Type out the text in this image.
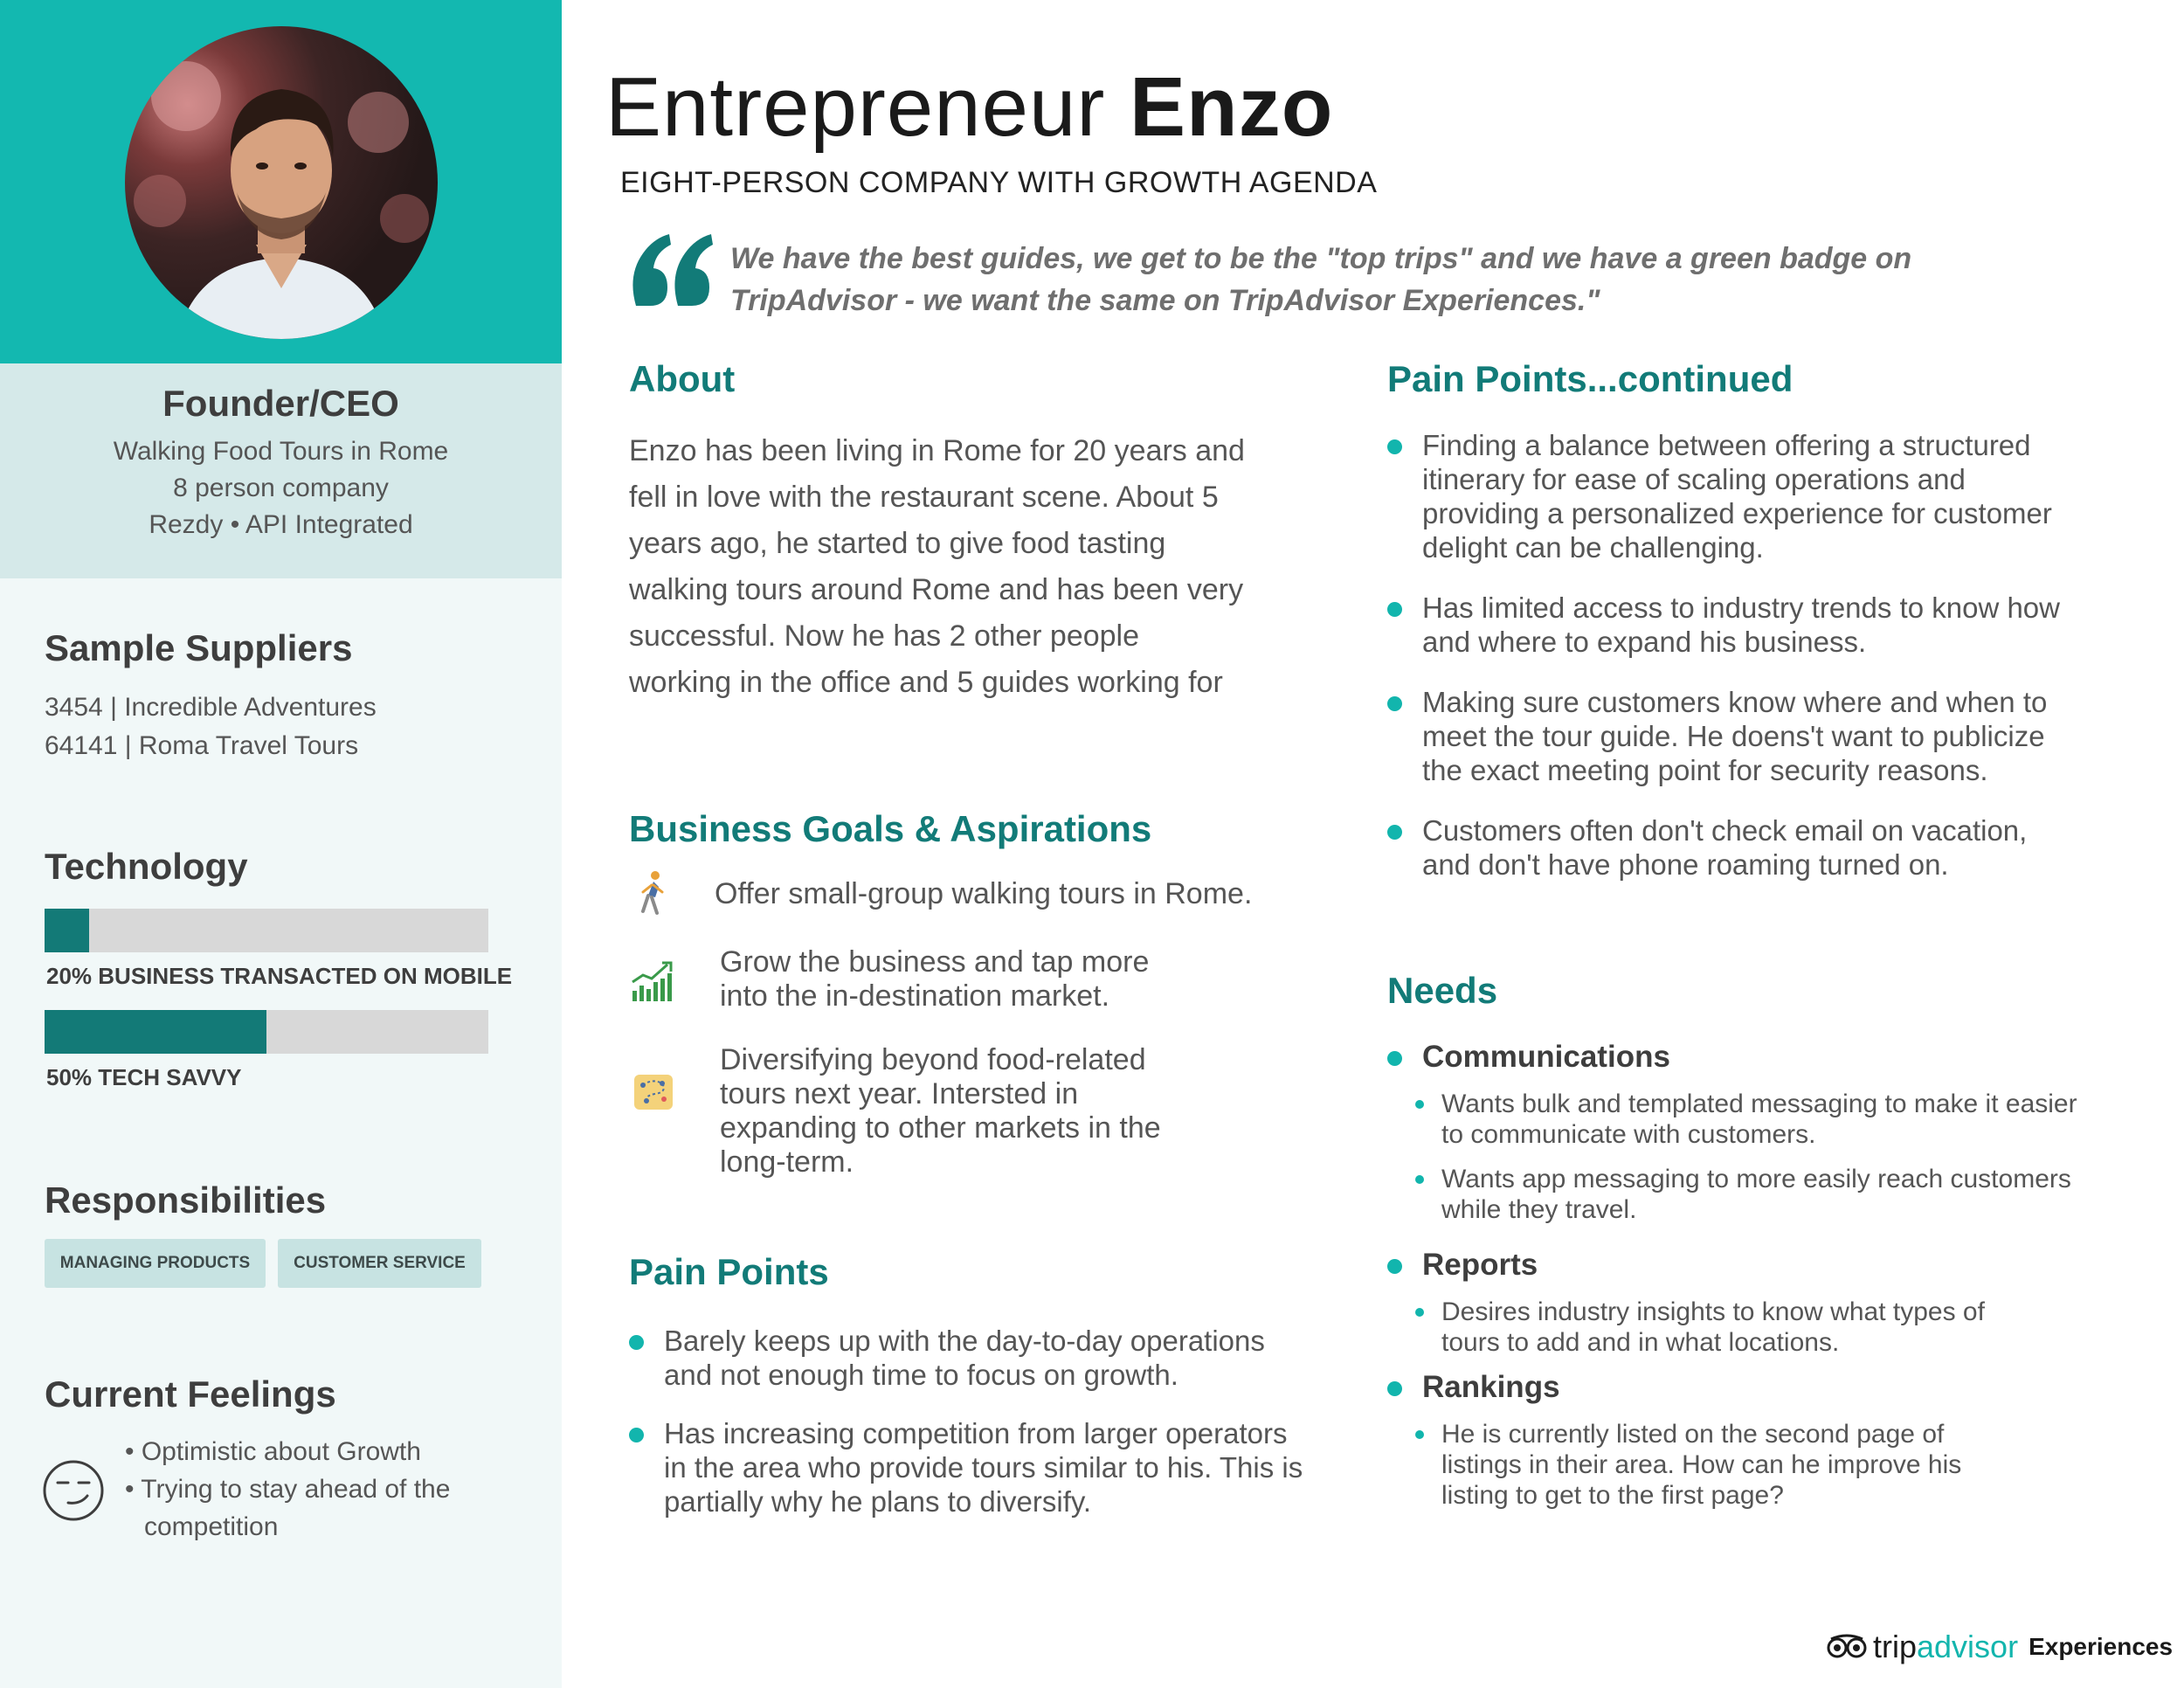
Founder/CEO
Walking Food Tours in Rome
8 person company
Rezdy • API Integrated
Sample Suppliers
3454 | Incredible Adventures
64141 | Roma Travel Tours
Technology
20% BUSINESS TRANSACTED ON MOBILE
50% TECH SAVVY
Responsibilities
MANAGING PRODUCTS	CUSTOMER SERVICE
Current Feelings
• Optimistic about Growth
• Trying to stay ahead of the
competition
Entrepreneur Enzo
EIGHT-PERSON COMPANY WITH GROWTH AGENDA
We have the best guides, we get to be the "top trips" and we have a green badge on
TripAdvisor - we want the same on TripAdvisor Experiences."
About
Enzo has been living in Rome for 20 years and
fell in love with the restaurant scene. About 5
years ago, he started to give food tasting
walking tours around Rome and has been very
successful. Now he has 2 other people
working in the office and 5 guides working for
Business Goals & Aspirations
Offer small-group walking tours in Rome.
Grow the business and tap more
into the in-destination market.
Diversifying beyond food-related
tours next year. Intersted in
expanding to other markets in the
long-term.
Pain Points
Barely keeps up with the day-to-day operations
and not enough time to focus on growth.
Has increasing competition from larger operators
in the area who provide tours similar to his. This is
partially why he plans to diversify.
Pain Points...continued
Finding a balance between offering a structured
itinerary for ease of scaling operations and
providing a personalized experience for customer
delight can be challenging.
Has limited access to industry trends to know how
and where to expand his business.
Making sure customers know where and when to
meet the tour guide. He doens't want to publicize
the exact meeting point for security reasons.
Customers often don't check email on vacation,
and don't have phone roaming turned on.
Needs
Communications
Wants bulk and templated messaging to make it easier
to communicate with customers.
Wants app messaging to more easily reach customers
while they travel.
Reports
Desires industry insights to know what types of
tours to add and in what locations.
Rankings
He is currently listed on the second page of
listings in their area. How can he improve his
listing to get to the first page?
tripadvisor Experiences
